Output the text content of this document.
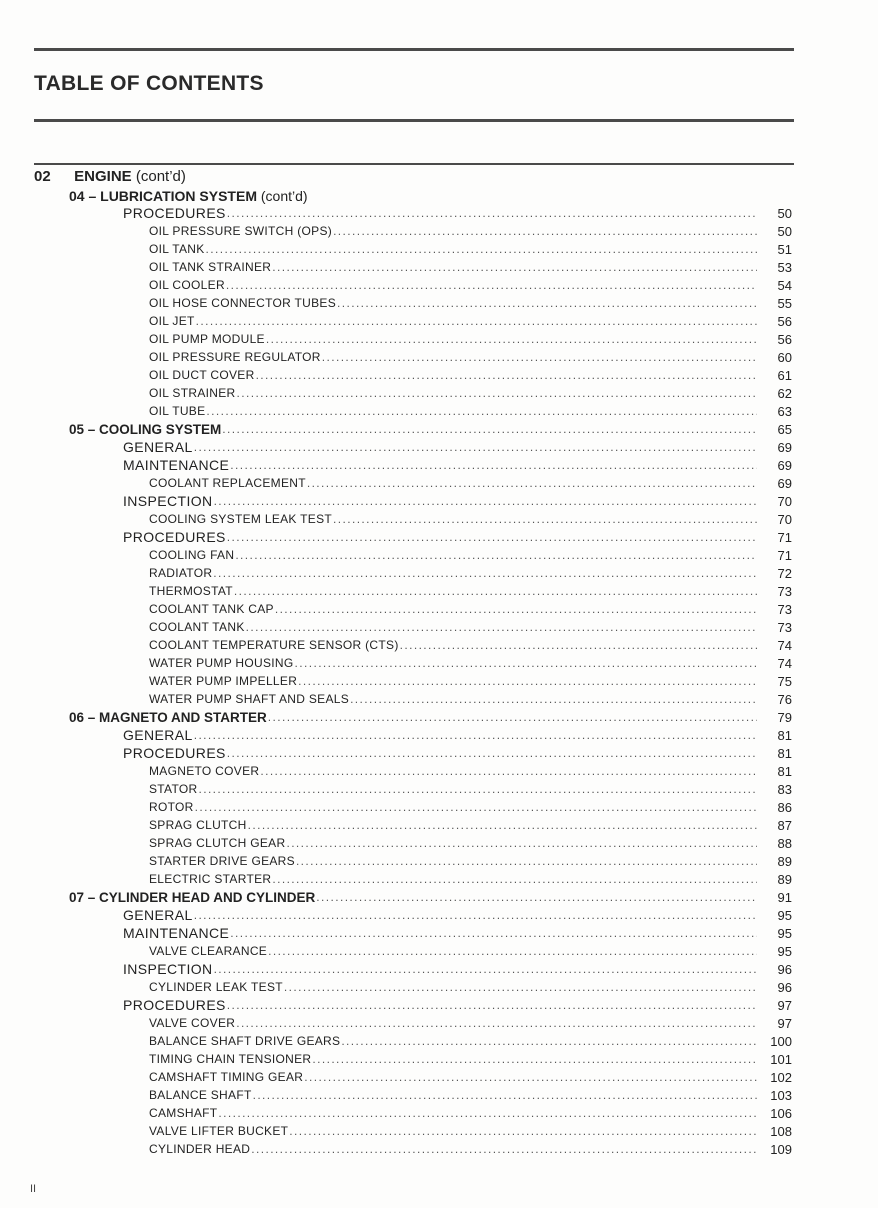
TABLE OF CONTENTS
02 ENGINE (cont’d)
04 – LUBRICATION SYSTEM (cont’d)
PROCEDURES .....	50
OIL PRESSURE SWITCH (OPS) .....	50
OIL TANK .....	51
OIL TANK STRAINER .....	53
OIL COOLER .....	54
OIL HOSE CONNECTOR TUBES .....	55
OIL JET .....	56
OIL PUMP MODULE .....	56
OIL PRESSURE REGULATOR .....	60
OIL DUCT COVER .....	61
OIL STRAINER .....	62
OIL TUBE .....	63
05 – COOLING SYSTEM .....	65
GENERAL .....	69
MAINTENANCE .....	69
COOLANT REPLACEMENT .....	69
INSPECTION .....	70
COOLING SYSTEM LEAK TEST .....	70
PROCEDURES .....	71
COOLING FAN .....	71
RADIATOR .....	72
THERMOSTAT .....	73
COOLANT TANK CAP .....	73
COOLANT TANK .....	73
COOLANT TEMPERATURE SENSOR (CTS) .....	74
WATER PUMP HOUSING .....	74
WATER PUMP IMPELLER .....	75
WATER PUMP SHAFT AND SEALS .....	76
06 – MAGNETO AND STARTER .....	79
GENERAL .....	81
PROCEDURES .....	81
MAGNETO COVER .....	81
STATOR .....	83
ROTOR .....	86
SPRAG CLUTCH .....	87
SPRAG CLUTCH GEAR .....	88
STARTER DRIVE GEARS .....	89
ELECTRIC STARTER .....	89
07 – CYLINDER HEAD AND CYLINDER .....	91
GENERAL .....	95
MAINTENANCE .....	95
VALVE CLEARANCE .....	95
INSPECTION .....	96
CYLINDER LEAK TEST .....	96
PROCEDURES .....	97
VALVE COVER .....	97
BALANCE SHAFT DRIVE GEARS .....	100
TIMING CHAIN TENSIONER .....	101
CAMSHAFT TIMING GEAR .....	102
BALANCE SHAFT .....	103
CAMSHAFT .....	106
VALVE LIFTER BUCKET .....	108
CYLINDER HEAD .....	109
II
